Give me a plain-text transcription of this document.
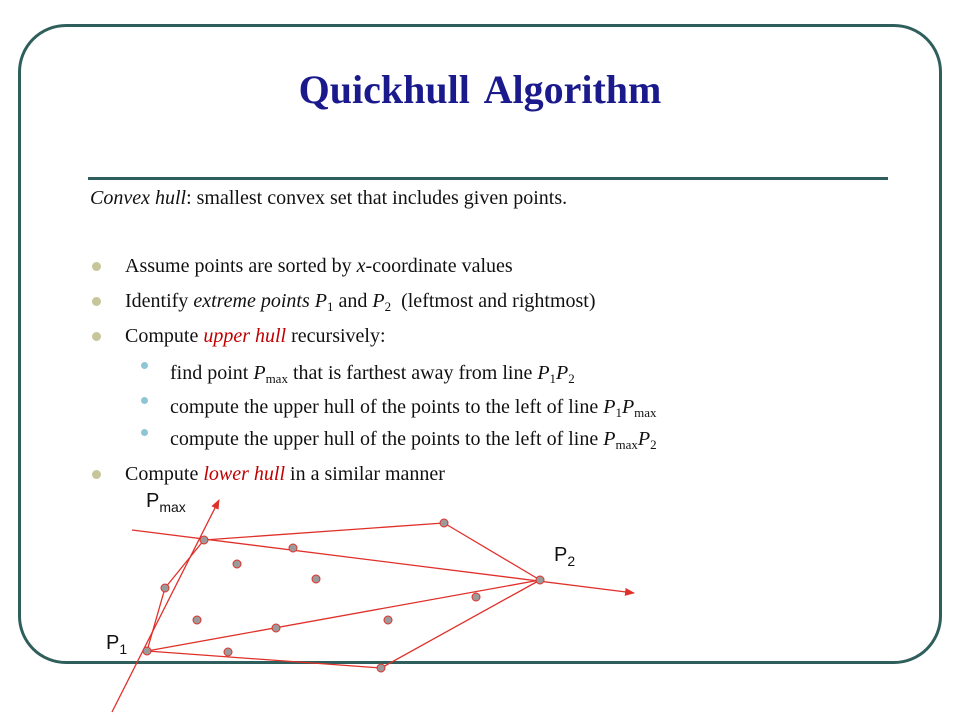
Quickhull Algorithm
Convex hull: smallest convex set that includes given points.
Assume points are sorted by x-coordinate values
Identify extreme points $P_1$ and $P_2$  (leftmost and rightmost)
Compute upper hull recursively:
find point $P_{max}$ that is farthest away from line $P_1P_2$
compute the upper hull of the points to the left of line $P_1P_{max}$
compute the upper hull of the points to the left of line $P_{max}P_2$
Compute lower hull in a similar manner
$P_{max}$
$P_2$
$P_1$
